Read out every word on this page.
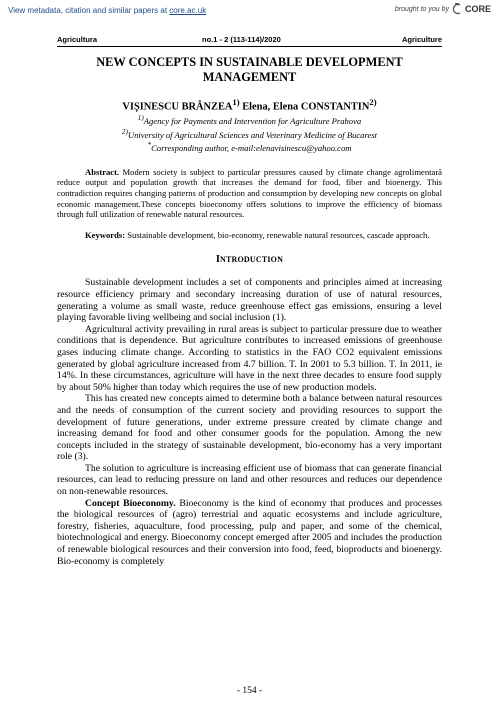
View metadata, citation and similar papers at core.ac.uk	brought to you by CORE
Agricultura	no.1 - 2 (113-114)/2020	Agriculture
NEW CONCEPTS IN SUSTAINABLE DEVELOPMENT MANAGEMENT

VIȘINESCU BRÂNZEA$^{1)}$ Elena, Elena CONSTANTIN$^{2)}$

$^{1)}$Agency for Payments and Intervention for Agriculture Prahova

$^{2)}$University of Agricultural Sciences and Veterinary Medicine of Bucarest

*Corresponding author, e-mail:elenavisinescu@yahoo.com

Abstract. Modern society is subject to particular pressures caused by climate change agrolimentară reduce output and population growth that increases the demand for food, fiber and bioenergy. This contradiction requires changing patterns of production and consumption by developing new concepts on global economic management.These concepts bioeconomy offers solutions to improve the efficiency of biomass through full utilization of renewable natural resources.

Keywords: Sustainable development, bio-economy, renewable natural resources, cascade approach.

INTRODUCTION

Sustainable development includes a set of components and principles aimed at increasing resource efficiency primary and secondary increasing duration of use of natural resources, generating a volume as small waste, reduce greenhouse effect gas emissions, ensuring a level playing favorable living wellbeing and social inclusion (1).

Agricultural activity prevailing in rural areas is subject to particular pressure due to weather conditions that is dependence. But agriculture contributes to increased emissions of greenhouse gases inducing climate change. According to statistics in the FAO CO2 equivalent emissions generated by global agriculture increased from 4.7 billion. T. In 2001 to 5.3 billion. T. In 2011, ie 14%. In these circumstances, agriculture will have in the next three decades to ensure food supply by about 50% higher than today which requires the use of new production models.

This has created new concepts aimed to determine both a balance between natural resources and the needs of consumption of the current society and providing resources to support the development of future generations, under extreme pressure created by climate change and increasing demand for food and other consumer goods for the population. Among the new concepts included in the strategy of sustainable development, bio-economy has a very important role (3).

The solution to agriculture is increasing efficient use of biomass that can generate financial resources, can lead to reducing pressure on land and other resources and reduces our dependence on non-renewable resources.

Concept Bioeconomy. Bioeconomy is the kind of economy that produces and processes the biological resources of (agro) terrestrial and aquatic ecosystems and include agriculture, forestry, fisheries, aquaculture, food processing, pulp and paper, and some of the chemical, biotechnological and energy. Bioeconomy concept emerged after 2005 and includes the production of renewable biological resources and their conversion into food, feed, bioproducts and bioenergy. Bio-economy is completely

- 154 -
